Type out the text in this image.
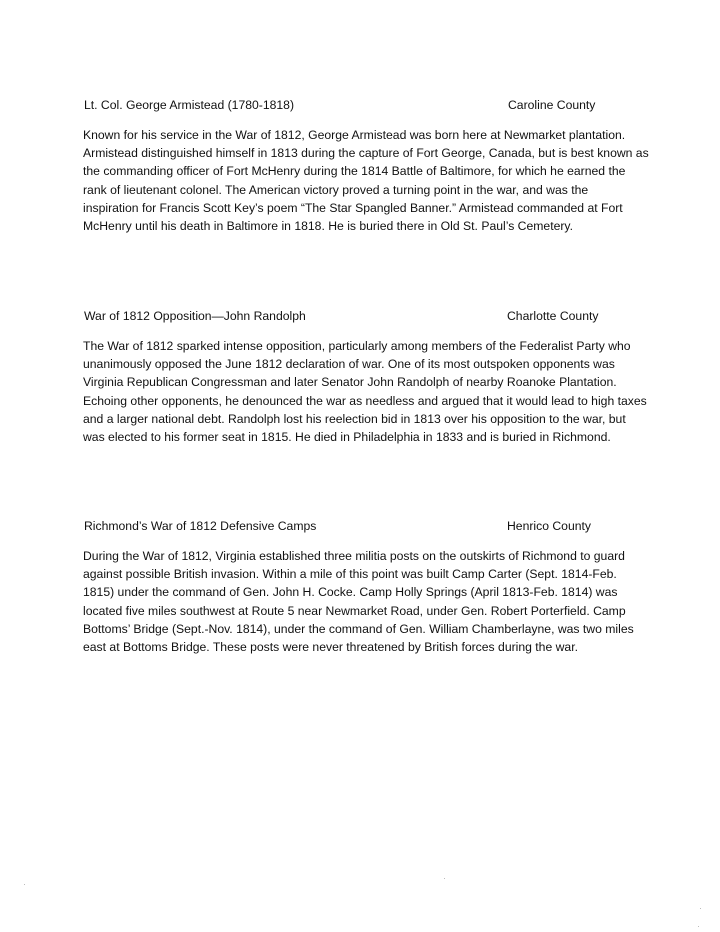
Lt. Col. George Armistead (1780-1818)	Caroline County
Known for his service in the War of 1812, George Armistead was born here at Newmarket plantation.
Armistead distinguished himself in 1813 during the capture of Fort George, Canada, but is best known as
the commanding officer of Fort McHenry during the 1814 Battle of Baltimore, for which he earned the
rank of lieutenant colonel. The American victory proved a turning point in the war, and was the
inspiration for Francis Scott Key’s poem “The Star Spangled Banner.” Armistead commanded at Fort
McHenry until his death in Baltimore in 1818. He is buried there in Old St. Paul’s Cemetery.
War of 1812 Opposition—John Randolph	Charlotte County
The War of 1812 sparked intense opposition, particularly among members of the Federalist Party who
unanimously opposed the June 1812 declaration of war. One of its most outspoken opponents was
Virginia Republican Congressman and later Senator John Randolph of nearby Roanoke Plantation.
Echoing other opponents, he denounced the war as needless and argued that it would lead to high taxes
and a larger national debt. Randolph lost his reelection bid in 1813 over his opposition to the war, but
was elected to his former seat in 1815. He died in Philadelphia in 1833 and is buried in Richmond.
Richmond’s War of 1812 Defensive Camps	Henrico County
During the War of 1812, Virginia established three militia posts on the outskirts of Richmond to guard
against possible British invasion. Within a mile of this point was built Camp Carter (Sept. 1814-Feb.
1815) under the command of Gen. John H. Cocke. Camp Holly Springs (April 1813-Feb. 1814) was
located five miles southwest at Route 5 near Newmarket Road, under Gen. Robert Porterfield. Camp
Bottoms’ Bridge (Sept.-Nov. 1814), under the command of Gen. William Chamberlayne, was two miles
east at Bottoms Bridge. These posts were never threatened by British forces during the war.
